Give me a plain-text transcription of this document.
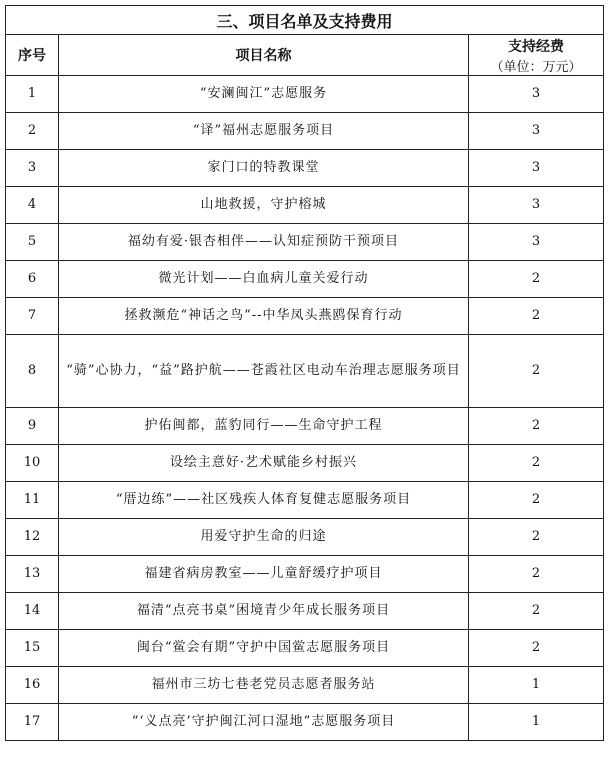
三、项目名单及支持费用		
序号	项目名称	支持经费
（单位：万元）

1	“安澜闽江”志愿服务	3
2	“译”福州志愿服务项目	3
3	家门口的特教课堂	3
4	山地救援，守护榕城	3
5	福幼有爱·银杏相伴——认知症预防干预项目	3
6	微光计划——白血病儿童关爱行动	2
7	拯救濒危“神话之鸟”--中华凤头燕鸥保育行动	2
8	“骑”心协力，“益”路护航——苍霞社区电动车治理志愿服务项目	2
9	护佑闽都，蓝豹同行——生命守护工程	2
10	设绘主意好·艺术赋能乡村振兴	2
11	“厝边练”——社区残疾人体育复健志愿服务项目	2
12	用爱守护生命的归途	2
13	福建省病房教室——儿童舒缓疗护项目	2
14	福清“点亮书桌”困境青少年成长服务项目	2
15	闽台“鲎会有期”守护中国鲎志愿服务项目	2
16	福州市三坊七巷老党员志愿者服务站	1
17	“‘义点亮’守护闽江河口湿地”志愿服务项目	1
